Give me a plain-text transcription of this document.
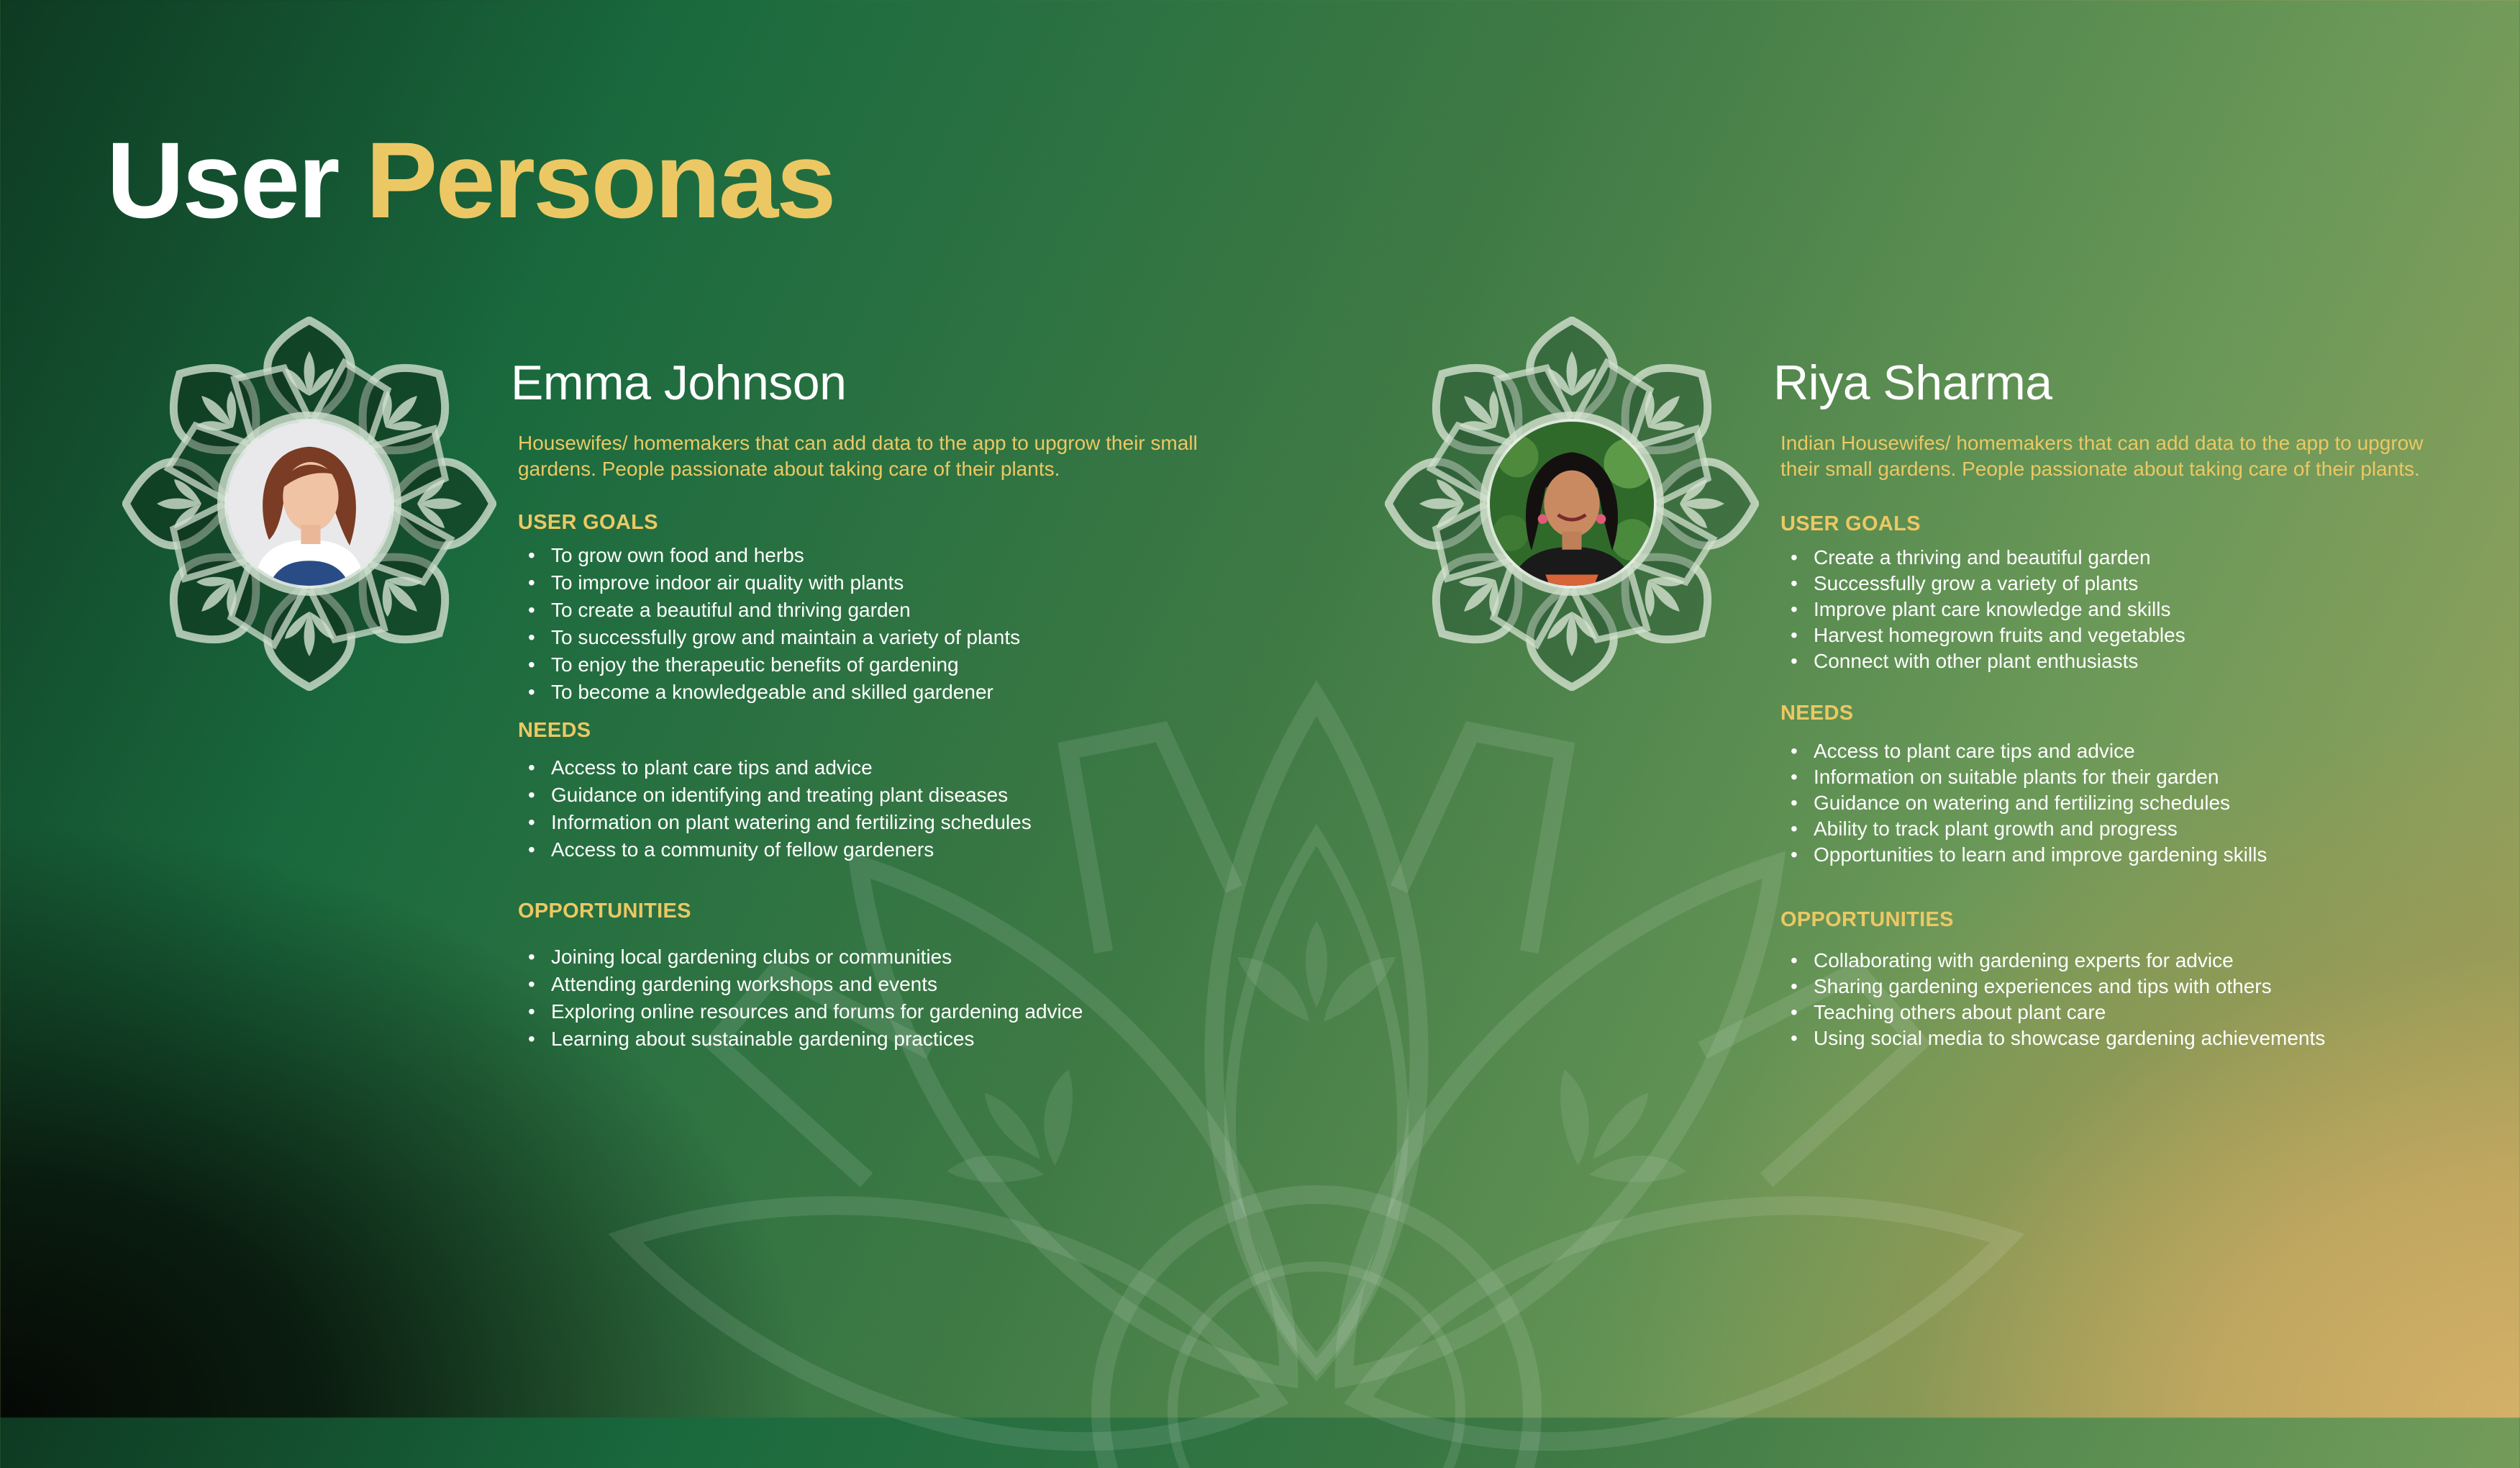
User Personas
Emma Johnson

Housewifes/ homemakers that can add data to the app to upgrow their small gardens. People passionate about taking care of their plants.

USER GOALS
• To grow own food and herbs
• To improve indoor air quality with plants
• To create a beautiful and thriving garden
• To successfully grow and maintain a variety of plants
• To enjoy the therapeutic benefits of gardening
• To become a knowledgeable and skilled gardener
NEEDS
• Access to plant care tips and advice
• Guidance on identifying and treating plant diseases
• Information on plant watering and fertilizing schedules
• Access to a community of fellow gardeners
OPPORTUNITIES
• Joining local gardening clubs or communities
• Attending gardening workshops and events
• Exploring online resources and forums for gardening advice
• Learning about sustainable gardening practices
Riya Sharma

Indian Housewifes/ homemakers that can add data to the app to upgrow their small gardens. People passionate about taking care of their plants.

USER GOALS
• Create a thriving and beautiful garden
• Successfully grow a variety of plants
• Improve plant care knowledge and skills
• Harvest homegrown fruits and vegetables
• Connect with other plant enthusiasts
NEEDS
• Access to plant care tips and advice
• Information on suitable plants for their garden
• Guidance on watering and fertilizing schedules
• Ability to track plant growth and progress
• Opportunities to learn and improve gardening skills
OPPORTUNITIES
• Collaborating with gardening experts for advice
• Sharing gardening experiences and tips with others
• Teaching others about plant care
• Using social media to showcase gardening achievements
